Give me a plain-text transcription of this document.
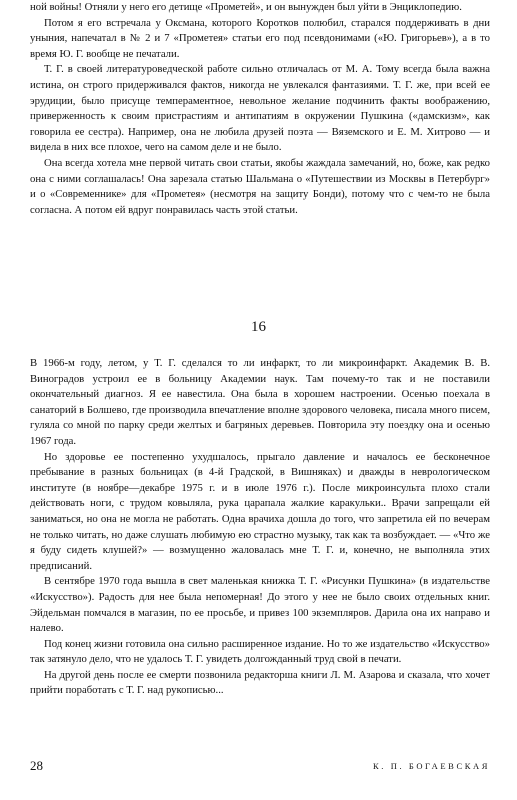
ной войны! Отняли у него его детище «Прометей», и он вынужден был уйти в Энциклопедию.

Потом я его встречала у Оксмана, которого Коротков полюбил, старался поддерживать в дни уныния, напечатал в № 2 и 7 «Прометея» статьи его под псевдонимами («Ю. Григорьев»), а в то время Ю. Г. вообще не печатали.

Т. Г. в своей литературоведческой работе сильно отличалась от М. А. Тому всегда была важна истина, он строго придерживался фактов, никогда не увлекался фантазиями. Т. Г. же, при всей ее эрудиции, было присуще темпераментное, невольное желание подчинить факты воображению, приверженность к своим пристрастиям и антипатиям в окружении Пушкина («дамскизм», как говорила ее сестра). Например, она не любила друзей поэта — Вяземского и Е. М. Хитрово — и видела в них все плохое, чего на самом деле и не было.

Она всегда хотела мне первой читать свои статьи, якобы жаждала замечаний, но, боже, как редко она с ними соглашалась! Она зарезала статью Шальмана о «Путешествии из Москвы в Петербург» и о «Современнике» для «Прометея» (несмотря на защиту Бонди), потому что с чем-то не была согласна. А потом ей вдруг понравилась часть этой статьи.

16

В 1966-м году, летом, у Т. Г. сделался то ли инфаркт, то ли микроинфаркт. Академик В. В. Виноградов устроил ее в больницу Академии наук. Там почему-то так и не поставили окончательный диагноз. Я ее навестила. Она была в хорошем настроении. Осенью поехала в санаторий в Болшево, где производила впечатление вполне здорового человека, писала много писем, гуляла со мной по парку среди желтых и багряных деревьев. Повторила эту поездку она и осенью 1967 года.

Но здоровье ее постепенно ухудшалось, прыгало давление и началось ее бесконечное пребывание в разных больницах (в 4-й Градской, в Вишняках) и дважды в неврологическом институте (в ноябре—декабре 1975 г. и в июле 1976 г.). После микроинсульта плохо стали действовать ноги, с трудом ковыляла, рука царапала жалкие каракульки.. Врачи запрещали ей заниматься, но она не могла не работать. Одна врачиха дошла до того, что запретила ей по вечерам не только читать, но даже слушать любимую ею страстно музыку, так как та возбуждает. — «Что же я буду сидеть клушей?» — возмущенно жаловалась мне Т. Г. и, конечно, не выполняла этих предписаний.

В сентябре 1970 года вышла в свет маленькая книжка Т. Г. «Рисунки Пушкина» (в издательстве «Искусство»). Радость для нее была непомерная! До этого у нее не было своих отдельных книг. Эйдельман помчался в магазин, по ее просьбе, и привез 100 экземпляров. Дарила она их направо и налево.

Под конец жизни готовила она сильно расширенное издание. Но то же издательство «Искусство» так затянуло дело, что не удалось Т. Г. увидеть долгожданный труд свой в печати.

На другой день после ее смерти позвонила редакторша книги Л. М. Азарова и сказала, что хочет прийти поработать с Т. Г. над рукописью...

28	К. П. БОГАЕВСКАЯ
